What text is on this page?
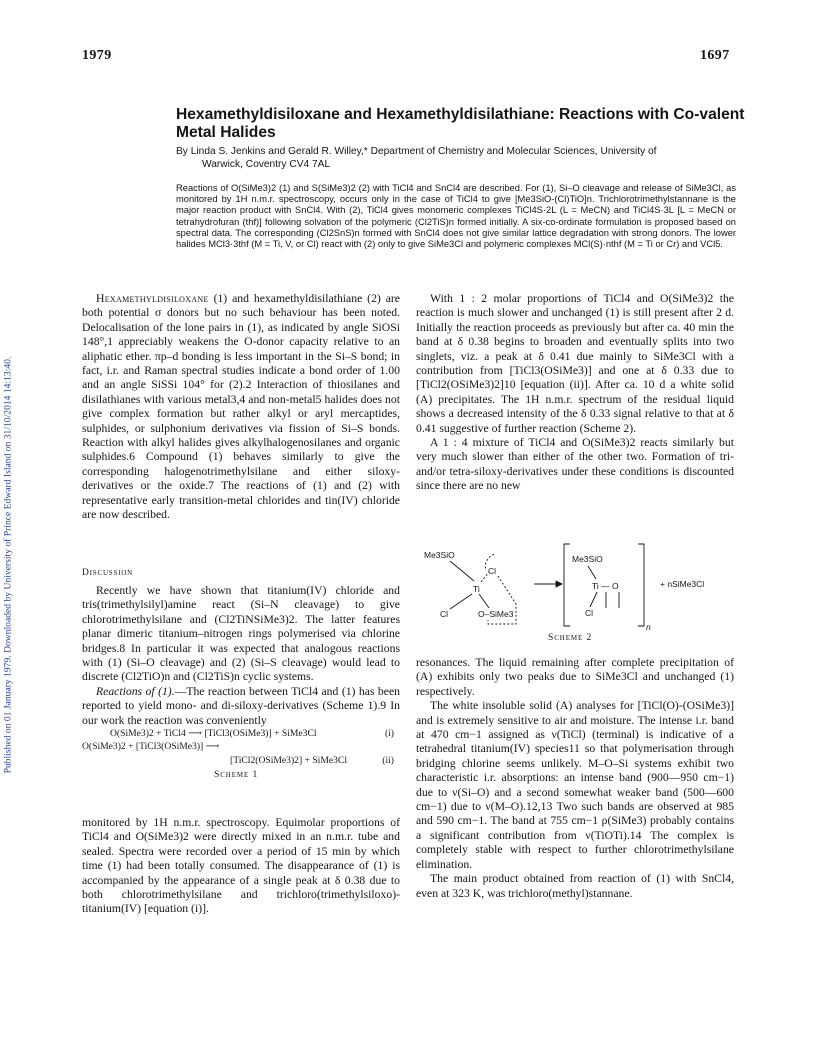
Published on 01 January 1979. Downloaded by University of Prince Edward Island on 31/10/2014 14:13:40.
1979	1697
Hexamethyldisiloxane and Hexamethyldisilathiane: Reactions with Co-valent Metal Halides
By Linda S. Jenkins and Gerald R. Willey,* Department of Chemistry and Molecular Sciences, University of
Warwick, Coventry CV4 7AL
Reactions of O(SiMe3)2 (1) and S(SiMe3)2 (2) with TiCl4 and SnCl4 are described. For (1), Si–O cleavage and release of SiMe3Cl, as monitored by 1H n.m.r. spectroscopy, occurs only in the case of TiCl4 to give [Me3SiO-(Cl)TiO]n. Trichlorotrimethylstannane is the major reaction product with SnCl4. With (2), TiCl4 gives monomeric complexes TiCl4S·2L (L = MeCN) and TiCl4S·3L [L = MeCN or tetrahydrofuran (thf)] following solvation of the polymeric (Cl2TiS)n formed initially. A six-co-ordinate formulation is proposed based on spectral data. The corresponding (Cl2SnS)n formed with SnCl4 does not give similar lattice degradation with strong donors. The lower halides MCl3·3thf (M = Ti, V, or Cl) react with (2) only to give SiMe3Cl and polymeric complexes MCl(S)·nthf (M = Ti or Cr) and VCl5.

Hexamethyldisiloxane (1) and hexamethyldisilathiane (2) are both potential σ donors but no such behaviour has been noted. Delocalisation of the lone pairs in (1), as indicated by angle SiOSi 148°,1 appreciably weakens the O-donor capacity relative to an aliphatic ether. πp–d bonding is less important in the Si–S bond; in fact, i.r. and Raman spectral studies indicate a bond order of 1.00 and an angle SiSSi 104° for (2).2 Interaction of thiosilanes and disilathianes with various metal3,4 and non-metal5 halides does not give complex formation but rather alkyl or aryl mercaptides, sulphides, or sulphonium derivatives via fission of Si–S bonds. Reaction with alkyl halides gives alkylhalogenosilanes and organic sulphides.6 Compound (1) behaves similarly to give the corresponding halogenotrimethylsilane and either siloxy-derivatives or the oxide.7 The reactions of (1) and (2) with representative early transition-metal chlorides and tin(IV) chloride are now described.

Discussion

Recently we have shown that titanium(IV) chloride and tris(trimethylsilyl)amine react (Si–N cleavage) to give chlorotrimethylsilane and (Cl2TiNSiMe3)2. The latter features planar dimeric titanium–nitrogen rings polymerised via chlorine bridges.8 In particular it was expected that analogous reactions with (1) (Si–O cleavage) and (2) (Si–S cleavage) would lead to discrete (Cl2TiO)n and (Cl2TiS)n cyclic systems.

Reactions of (1).—The reaction between TiCl4 and (1) has been reported to yield mono- and di-siloxy-derivatives (Scheme 1).9 In our work the reaction was conveniently

O(SiMe3)2 + TiCl4 ⟶ [TiCl3(OSiMe3)] + SiMe3Cl	(i)
O(SiMe3)2 + [TiCl3(OSiMe3)] ⟶
[TiCl2(OSiMe3)2] + SiMe3Cl	(ii)
Scheme 1

monitored by 1H n.m.r. spectroscopy. Equimolar proportions of TiCl4 and O(SiMe3)2 were directly mixed in an n.m.r. tube and sealed. Spectra were recorded over a period of 15 min by which time (1) had been totally consumed. The disappearance of (1) is accompanied by the appearance of a single peak at δ 0.38 due to both chlorotrimethylsilane and trichloro(trimethylsiloxo)-titanium(IV) [equation (i)].

With 1 : 2 molar proportions of TiCl4 and O(SiMe3)2 the reaction is much slower and unchanged (1) is still present after 2 d. Initially the reaction proceeds as previously but after ca. 40 min the band at δ 0.38 begins to broaden and eventually splits into two singlets, viz. a peak at δ 0.41 due mainly to SiMe3Cl with a contribution from [TiCl3(OSiMe3)] and one at δ 0.33 due to [TiCl2(OSiMe3)2]10 [equation (ii)]. After ca. 10 d a white solid (A) precipitates. The 1H n.m.r. spectrum of the residual liquid shows a decreased intensity of the δ 0.33 signal relative to that at δ 0.41 suggestive of further reaction (Scheme 2).

A 1 : 4 mixture of TiCl4 and O(SiMe3)2 reacts similarly but very much slower than either of the other two. Formation of tri- and/or tetra-siloxy-derivatives under these conditions is discounted since there are no new

Me3SiO
Cl
Ti
Cl	O–SiMe3
Me3SiO
Ti — O
Cl
n
+ nSiMe3Cl
Scheme 2

resonances. The liquid remaining after complete precipitation of (A) exhibits only two peaks due to SiMe3Cl and unchanged (1) respectively.

The white insoluble solid (A) analyses for [TiCl(O)-(OSiMe3)] and is extremely sensitive to air and moisture. The intense i.r. band at 470 cm−1 assigned as ν(TiCl) (terminal) is indicative of a tetrahedral titanium(IV) species11 so that polymerisation through bridging chlorine seems unlikely. M–O–Si systems exhibit two characteristic i.r. absorptions: an intense band (900—950 cm−1) due to ν(Si–O) and a second somewhat weaker band (500—600 cm−1) due to ν(M–O).12,13 Two such bands are observed at 985 and 590 cm−1. The band at 755 cm−1 ρ(SiMe3) probably contains a significant contribution from ν(TiOTi).14 The complex is completely stable with respect to further chlorotrimethylsilane elimination.

The main product obtained from reaction of (1) with SnCl4, even at 323 K, was trichloro(methyl)stannane.
